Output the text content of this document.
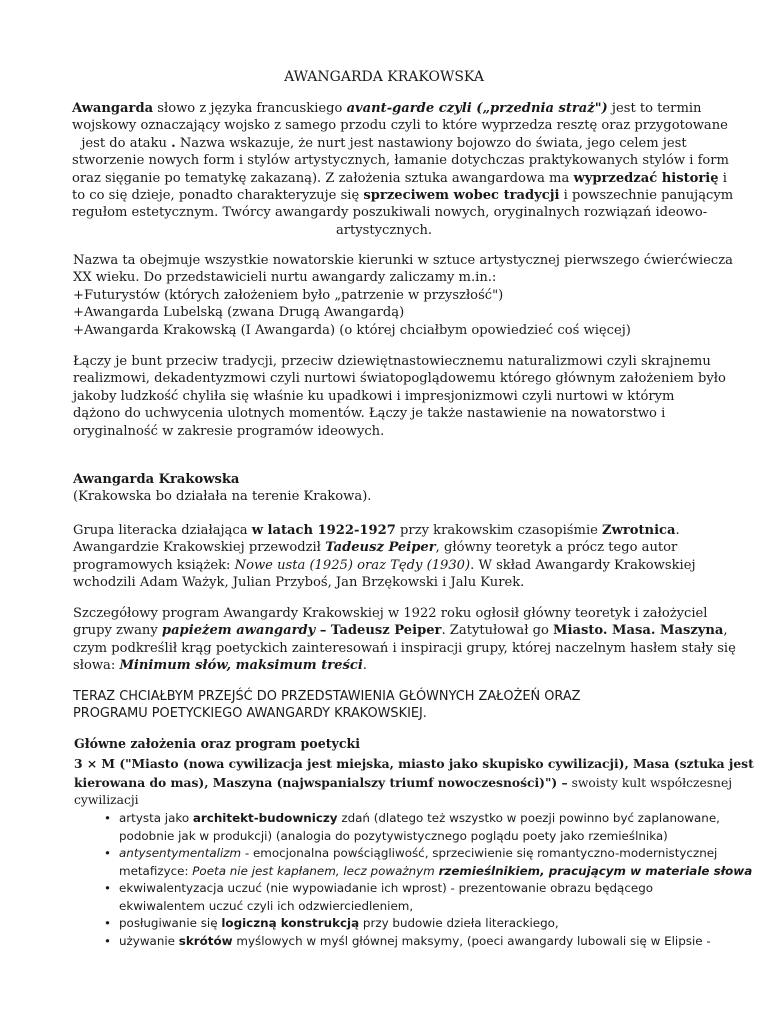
AWANGARDA KRAKOWSKA
Awangarda słowo z języka francuskiego avant-garde czyli („przednia straż") jest to termin
wojskowy oznaczający wojsko z samego przodu czyli to które wyprzedza resztę oraz przygotowane
jest do ataku . Nazwa wskazuje, że nurt jest nastawiony bojowzo do świata, jego celem jest
stworzenie nowych form i stylów artystycznych, łamanie dotychczas praktykowanych stylów i form
oraz sięganie po tematykę zakazaną). Z założenia sztuka awangardowa ma wyprzedzać historię i
to co się dzieje, ponadto charakteryzuje się sprzeciwem wobec tradycji i powszechnie panującym
regułom estetycznym. Twórcy awangardy poszukiwali nowych, oryginalnych rozwiązań ideowo-
artystycznych.
Nazwa ta obejmuje wszystkie nowatorskie kierunki w sztuce artystycznej pierwszego ćwierćwiecza
XX wieku. Do przedstawicieli nurtu awangardy zaliczamy m.in.:
+Futurystów (których założeniem było „patrzenie w przyszłość")
+Awangarda Lubelską (zwana Drugą Awangardą)
+Awangarda Krakowską (I Awangarda) (o której chciałbym opowiedzieć coś więcej)
Łączy je bunt przeciw tradycji, przeciw dziewiętnastowiecznemu naturalizmowi czyli skrajnemu
realizmowi, dekadentyzmowi czyli nurtowi światopoglądowemu którego głównym założeniem było
jakoby ludzkość chyliła się właśnie ku upadkowi i impresjonizmowi czyli nurtowi w którym
dążono do uchwycenia ulotnych momentów. Łączy je także nastawienie na nowatorstwo i
oryginalność w zakresie programów ideowych.
Awangarda Krakowska
(Krakowska bo działała na terenie Krakowa).
Grupa literacka działająca w latach 1922-1927 przy krakowskim czasopiśmie Zwrotnica.
Awangardzie Krakowskiej przewodził Tadeusz Peiper, główny teoretyk a prócz tego autor
programowych książek: Nowe usta (1925) oraz Tędy (1930). W skład Awangardy Krakowskiej
wchodzili Adam Ważyk, Julian Przyboś, Jan Brzękowski i Jalu Kurek.
Szczegółowy program Awangardy Krakowskiej w 1922 roku ogłosił główny teoretyk i założyciel
grupy zwany papieżem awangardy – Tadeusz Peiper. Zatytułował go Miasto. Masa. Maszyna,
czym podkreślił krąg poetyckich zainteresowań i inspiracji grupy, której naczelnym hasłem stały się
słowa: Minimum słów, maksimum treści.
TERAZ CHCIAŁBYM PRZEJŚĆ DO PRZEDSTAWIENIA GŁÓWNYCH ZAŁOŻEŃ ORAZ
PROGRAMU POETYCKIEGO AWANGARDY KRAKOWSKIEJ.
Główne założenia oraz program poetycki
3 × M ("Miasto (nowa cywilizacja jest miejska, miasto jako skupisko cywilizacji), Masa (sztuka jest
kierowana do mas), Maszyna (najwspanialszy triumf nowoczesności)") – swoisty kult współczesnej
cywilizacji
• artysta jako architekt-budowniczy zdań (dlatego też wszystko w poezji powinno być zaplanowane,
podobnie jak w produkcji) (analogia do pozytywistycznego poglądu poety jako rzemieślnika)
• antysentymentalizm - emocjonalna powściągliwość, sprzeciwienie się romantyczno-modernistycznej
metafizyce: Poeta nie jest kapłanem, lecz poważnym rzemieślnikiem, pracującym w materiale słowa
• ekwiwalentyzacja uczuć (nie wypowiadanie ich wprost) - prezentowanie obrazu będącego
ekwiwalentem uczuć czyli ich odzwierciedleniem,
• posługiwanie się logiczną konstrukcją przy budowie dzieła literackiego,
• używanie skrótów myślowych w myśl głównej maksymy, (poeci awangardy lubowali się w Elipsie -
